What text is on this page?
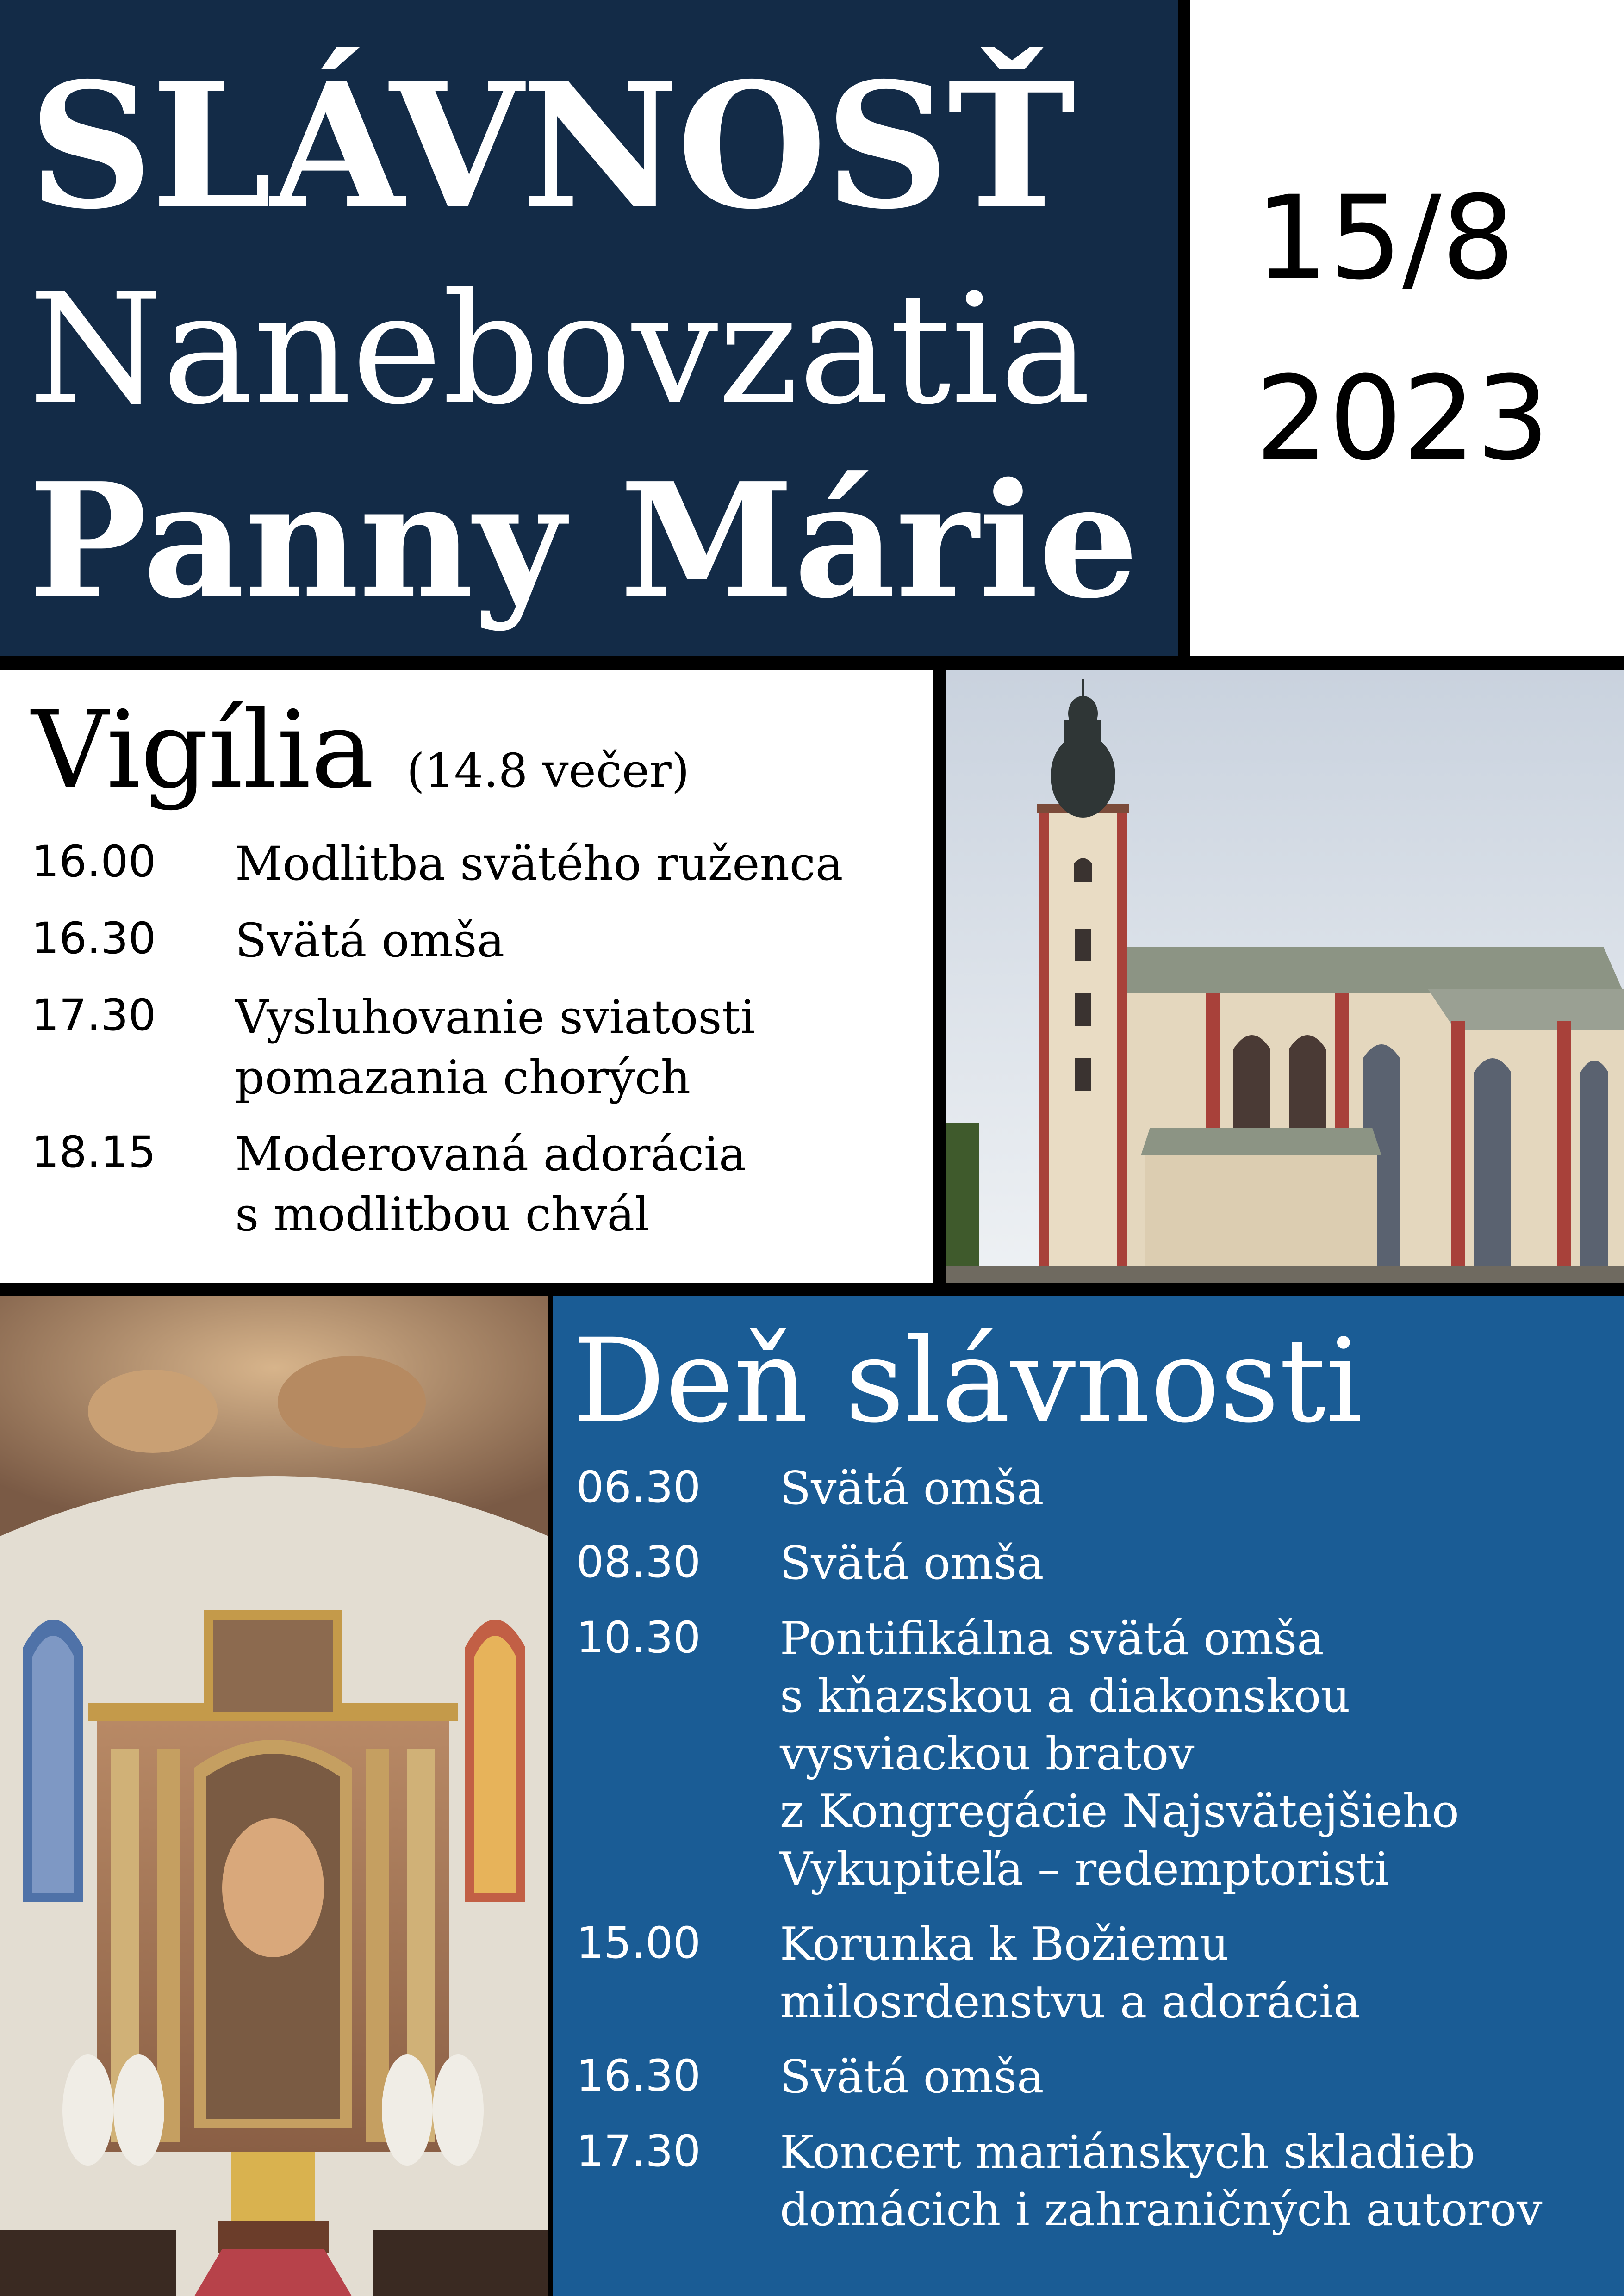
SLÁVNOSŤ
Nanebovzatia
Panny Márie
15/8
2023
Vigília (14.8 večer)
16.00	Modlitba svätého ruženca
16.30	Svätá omša
17.30	Vysluhovanie sviatosti
pomazania chorých
18.15	Moderovaná adorácia
s modlitbou chvál
Deň slávnosti
06.30	Svätá omša
08.30	Svätá omša
10.30	Pontifikálna svätá omša
s kňazskou a diakonskou
vysviackou bratov
z Kongregácie Najsvätejšieho
Vykupiteľa – redemptoristi
15.00	Korunka k Božiemu
milosrdenstvu a adorácia
16.30	Svätá omša
17.30	Koncert mariánskych skladieb
domácich i zahraničných autorov
